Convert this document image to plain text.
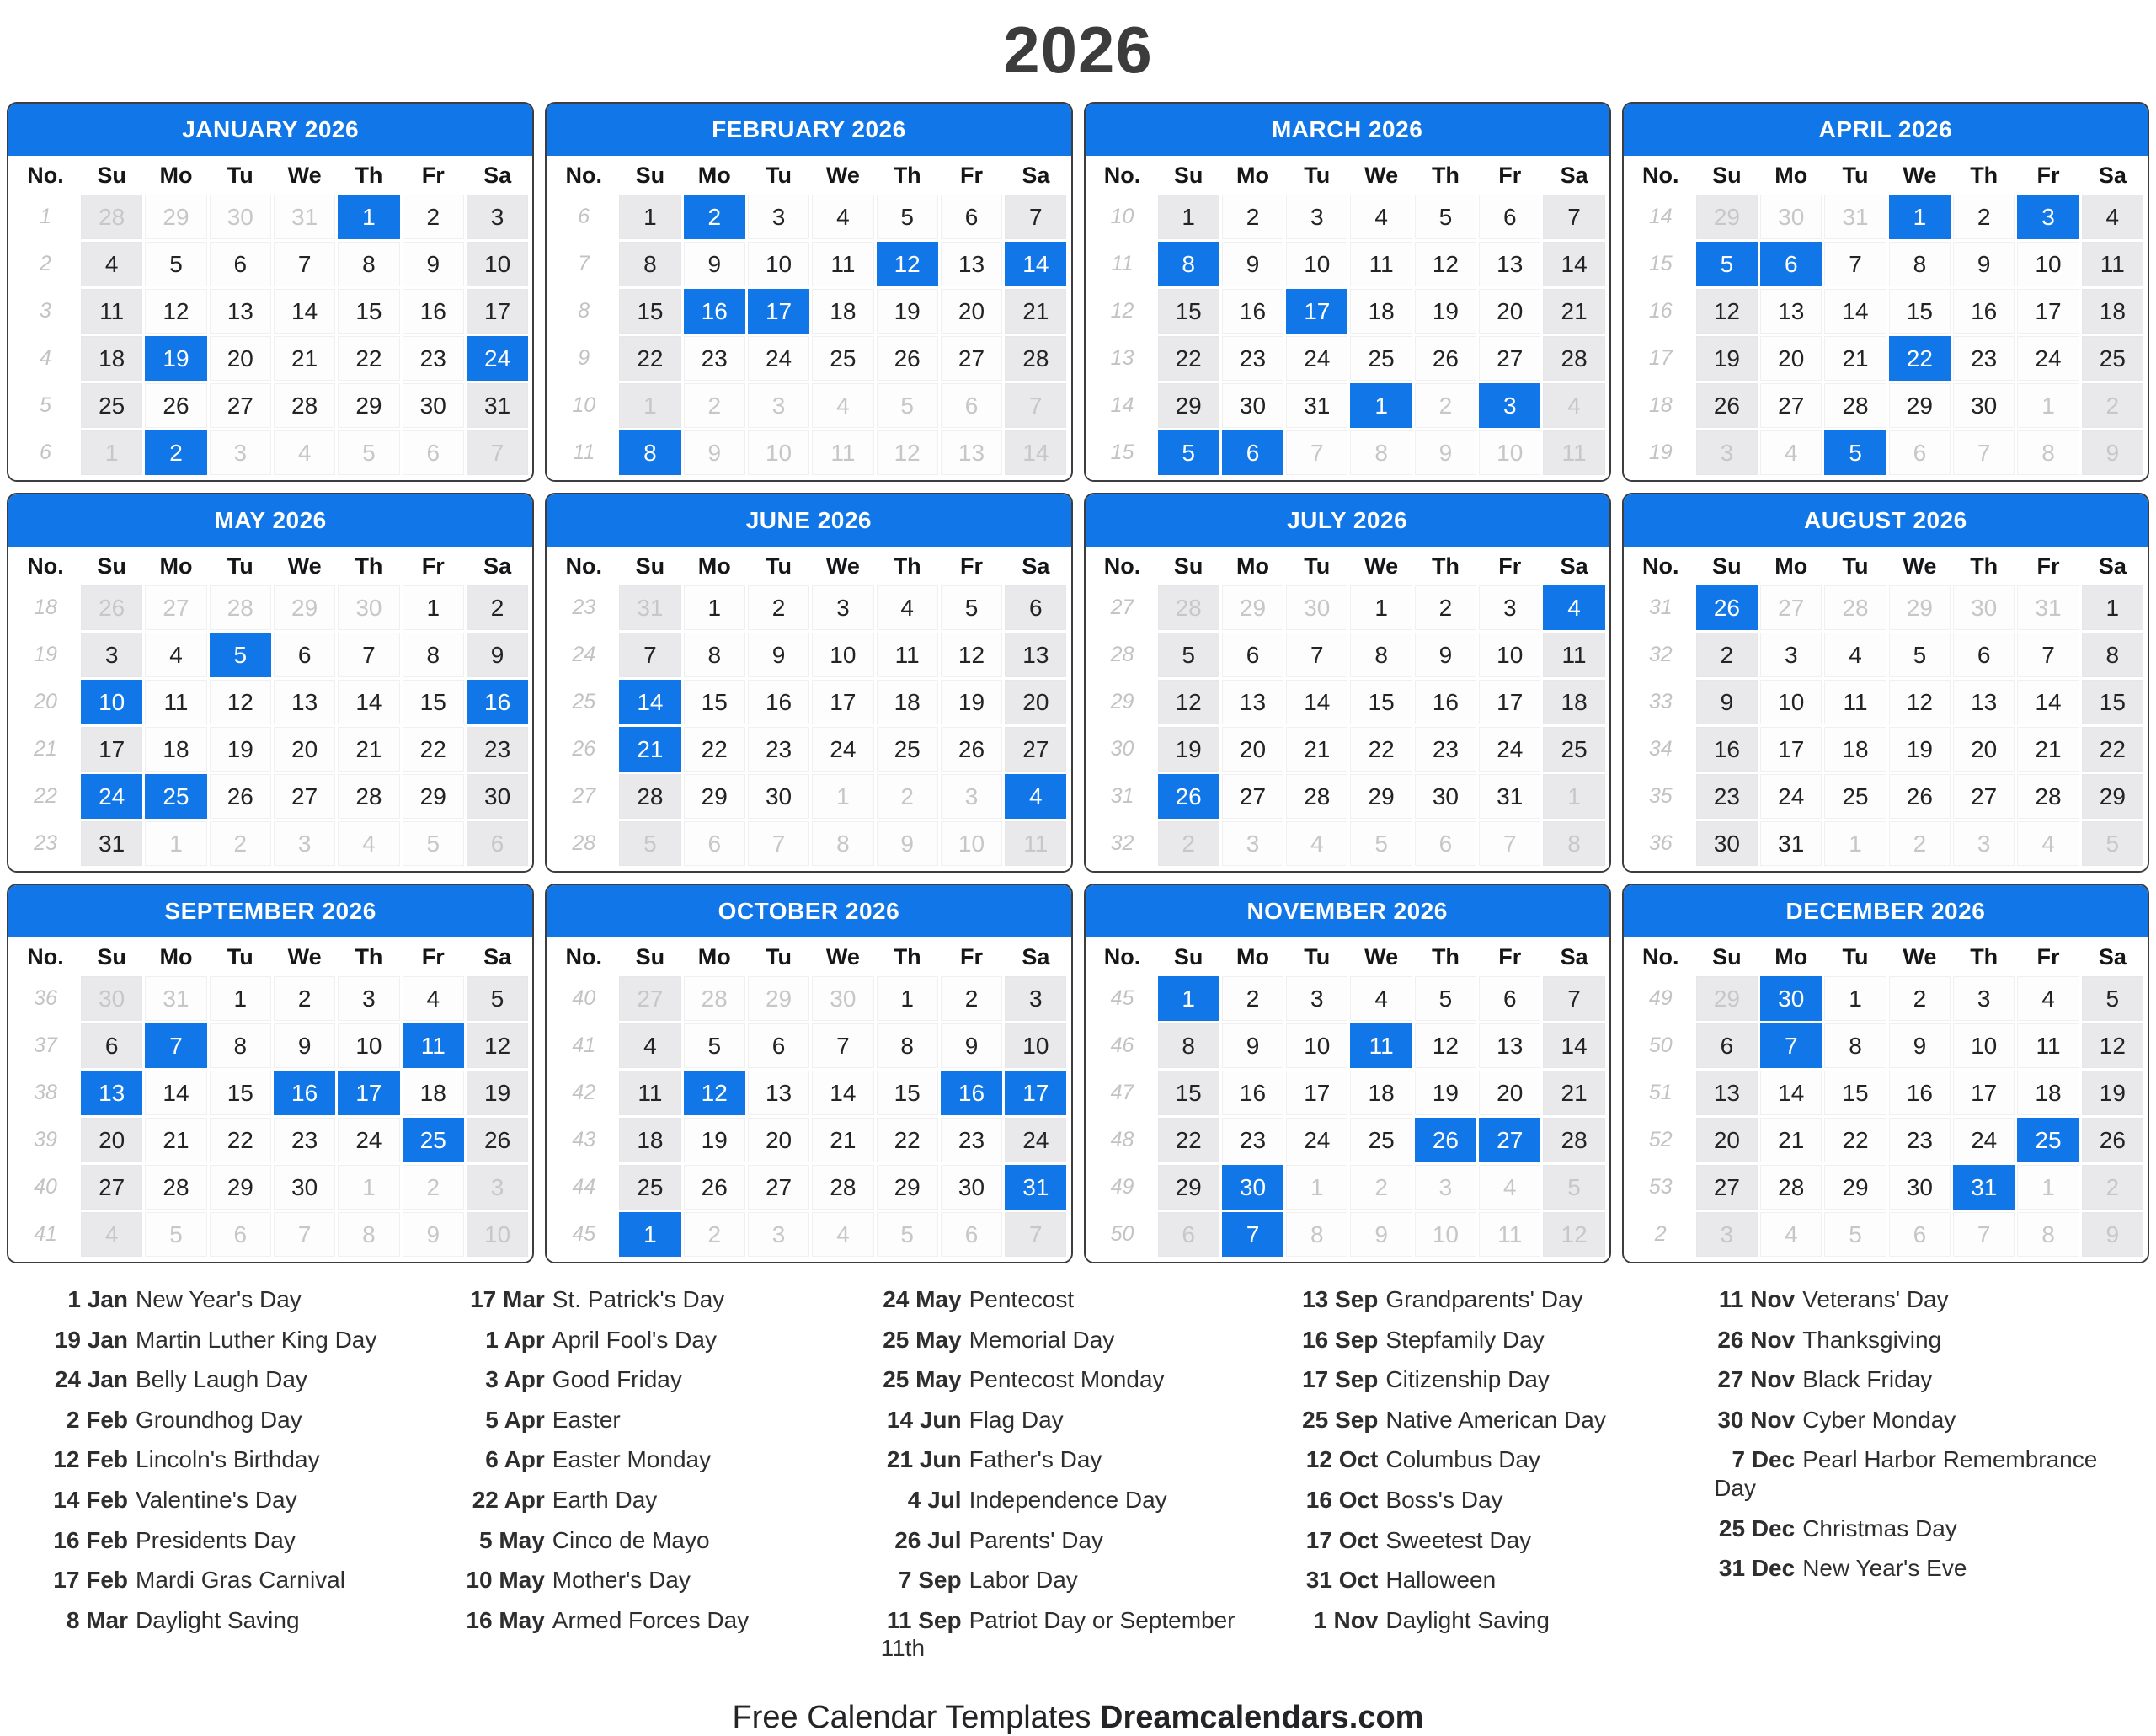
2026
JANUARY 2026
No.	Su	Mo	Tu	We	Th	Fr	Sa
1	28	29	30	31	1	2	3
2	4	5	6	7	8	9	10
3	11	12	13	14	15	16	17
4	18	19	20	21	22	23	24
5	25	26	27	28	29	30	31
6	1	2	3	4	5	6	7
FEBRUARY 2026
No.	Su	Mo	Tu	We	Th	Fr	Sa
6	1	2	3	4	5	6	7
7	8	9	10	11	12	13	14
8	15	16	17	18	19	20	21
9	22	23	24	25	26	27	28
10	1	2	3	4	5	6	7
11	8	9	10	11	12	13	14
MARCH 2026
No.	Su	Mo	Tu	We	Th	Fr	Sa
10	1	2	3	4	5	6	7
11	8	9	10	11	12	13	14
12	15	16	17	18	19	20	21
13	22	23	24	25	26	27	28
14	29	30	31	1	2	3	4
15	5	6	7	8	9	10	11
APRIL 2026
No.	Su	Mo	Tu	We	Th	Fr	Sa
14	29	30	31	1	2	3	4
15	5	6	7	8	9	10	11
16	12	13	14	15	16	17	18
17	19	20	21	22	23	24	25
18	26	27	28	29	30	1	2
19	3	4	5	6	7	8	9
MAY 2026
No.	Su	Mo	Tu	We	Th	Fr	Sa
18	26	27	28	29	30	1	2
19	3	4	5	6	7	8	9
20	10	11	12	13	14	15	16
21	17	18	19	20	21	22	23
22	24	25	26	27	28	29	30
23	31	1	2	3	4	5	6
JUNE 2026
No.	Su	Mo	Tu	We	Th	Fr	Sa
23	31	1	2	3	4	5	6
24	7	8	9	10	11	12	13
25	14	15	16	17	18	19	20
26	21	22	23	24	25	26	27
27	28	29	30	1	2	3	4
28	5	6	7	8	9	10	11
JULY 2026
No.	Su	Mo	Tu	We	Th	Fr	Sa
27	28	29	30	1	2	3	4
28	5	6	7	8	9	10	11
29	12	13	14	15	16	17	18
30	19	20	21	22	23	24	25
31	26	27	28	29	30	31	1
32	2	3	4	5	6	7	8
AUGUST 2026
No.	Su	Mo	Tu	We	Th	Fr	Sa
31	26	27	28	29	30	31	1
32	2	3	4	5	6	7	8
33	9	10	11	12	13	14	15
34	16	17	18	19	20	21	22
35	23	24	25	26	27	28	29
36	30	31	1	2	3	4	5
SEPTEMBER 2026
No.	Su	Mo	Tu	We	Th	Fr	Sa
36	30	31	1	2	3	4	5
37	6	7	8	9	10	11	12
38	13	14	15	16	17	18	19
39	20	21	22	23	24	25	26
40	27	28	29	30	1	2	3
41	4	5	6	7	8	9	10
OCTOBER 2026
No.	Su	Mo	Tu	We	Th	Fr	Sa
40	27	28	29	30	1	2	3
41	4	5	6	7	8	9	10
42	11	12	13	14	15	16	17
43	18	19	20	21	22	23	24
44	25	26	27	28	29	30	31
45	1	2	3	4	5	6	7
NOVEMBER 2026
No.	Su	Mo	Tu	We	Th	Fr	Sa
45	1	2	3	4	5	6	7
46	8	9	10	11	12	13	14
47	15	16	17	18	19	20	21
48	22	23	24	25	26	27	28
49	29	30	1	2	3	4	5
50	6	7	8	9	10	11	12
DECEMBER 2026
No.	Su	Mo	Tu	We	Th	Fr	Sa
49	29	30	1	2	3	4	5
50	6	7	8	9	10	11	12
51	13	14	15	16	17	18	19
52	20	21	22	23	24	25	26
53	27	28	29	30	31	1	2
2	3	4	5	6	7	8	9
1 Jan New Year's Day
19 Jan Martin Luther King Day
24 Jan Belly Laugh Day
2 Feb Groundhog Day
12 Feb Lincoln's Birthday
14 Feb Valentine's Day
16 Feb Presidents Day
17 Feb Mardi Gras Carnival
8 Mar Daylight Saving
17 Mar St. Patrick's Day
1 Apr April Fool's Day
3 Apr Good Friday
5 Apr Easter
6 Apr Easter Monday
22 Apr Earth Day
5 May Cinco de Mayo
10 May Mother's Day
16 May Armed Forces Day
24 May Pentecost
25 May Memorial Day
25 May Pentecost Monday
14 Jun Flag Day
21 Jun Father's Day
4 Jul Independence Day
26 Jul Parents' Day
7 Sep Labor Day
11 Sep Patriot Day or September 11th
13 Sep Grandparents' Day
16 Sep Stepfamily Day
17 Sep Citizenship Day
25 Sep Native American Day
12 Oct Columbus Day
16 Oct Boss's Day
17 Oct Sweetest Day
31 Oct Halloween
1 Nov Daylight Saving
11 Nov Veterans' Day
26 Nov Thanksgiving
27 Nov Black Friday
30 Nov Cyber Monday
7 Dec Pearl Harbor Remembrance Day
25 Dec Christmas Day
31 Dec New Year's Eve
Free Calendar Templates Dreamcalendars.com
